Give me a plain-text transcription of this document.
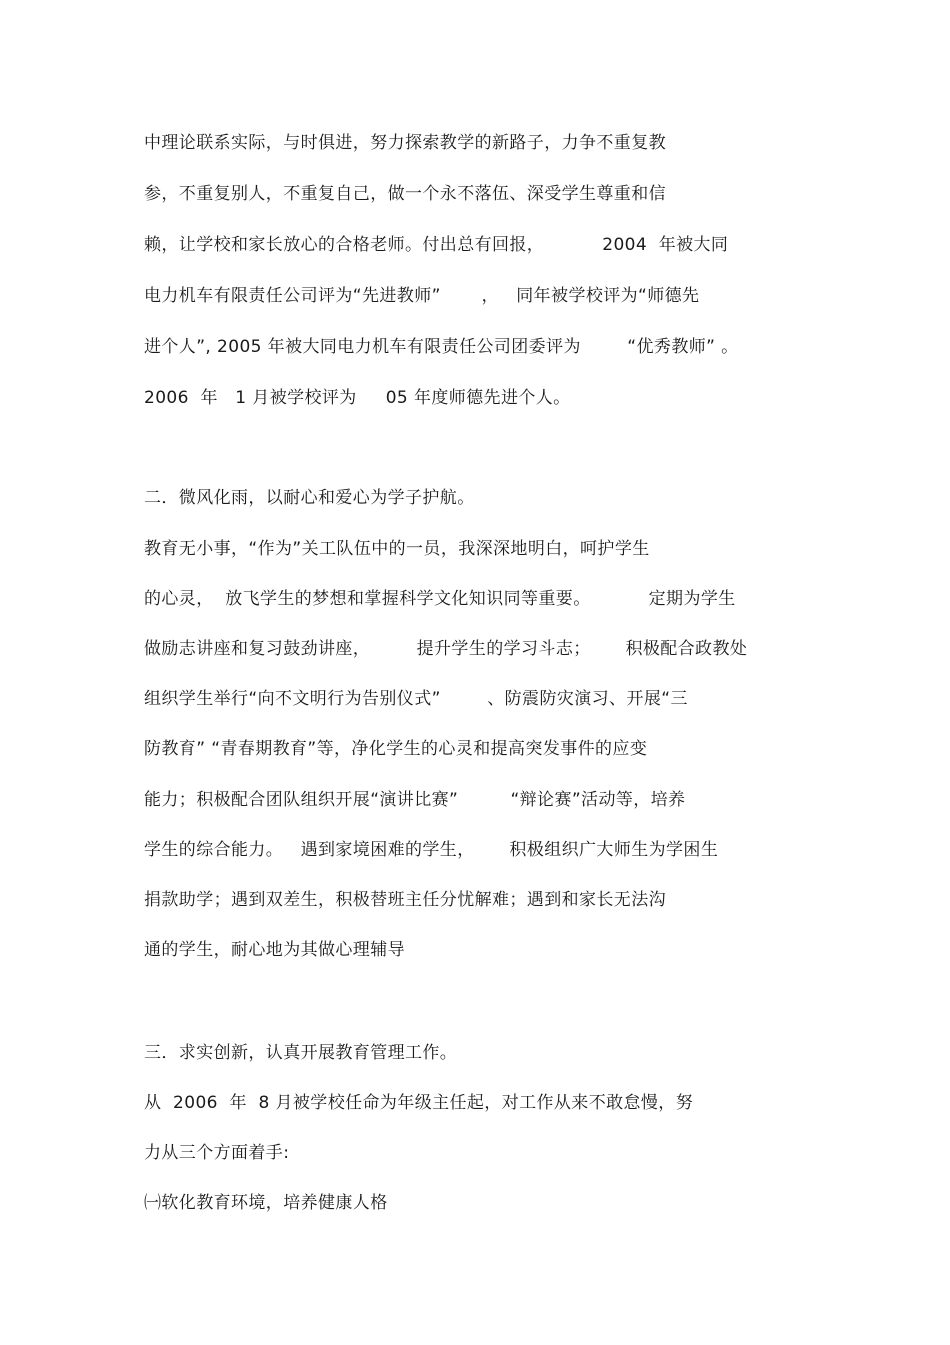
中理论联系实际，与时俱进，努力探索教学的新路子，力争不重复教
参，不重复别人，不重复自己，做一个永不落伍、深受学生尊重和信
赖，让学校和家长放心的合格老师。付出总有回报，          2004  年被大同
电力机车有限责任公司评为“先进教师”       ，   同年被学校评为“师德先
进个人”, 2005 年被大同电力机车有限责任公司团委评为        “优秀教师” 。
2006  年   1 月被学校评为     05 年度师德先进个人。
二．微风化雨，以耐心和爱心为学子护航。
教育无小事，“作为”关工队伍中的一员，我深深地明白，呵护学生
的心灵，  放飞学生的梦想和掌握科学文化知识同等重要。          定期为学生
做励志讲座和复习鼓劲讲座，        提升学生的学习斗志；      积极配合政教处
组织学生举行“向不文明行为告别仪式”        、防震防灾演习、开展“三
防教育” “青春期教育”等，净化学生的心灵和提高突发事件的应变
能力；积极配合团队组织开展“演讲比赛”         “辩论赛”活动等，培养
学生的综合能力。   遇到家境困难的学生，      积极组织广大师生为学困生
捐款助学；遇到双差生，积极替班主任分忧解难；遇到和家长无法沟
通的学生，耐心地为其做心理辅导
三．求实创新，认真开展教育管理工作。
从  2006  年  8 月被学校任命为年级主任起，对工作从来不敢怠慢，努
力从三个方面着手:
㈠软化教育环境，培养健康人格
